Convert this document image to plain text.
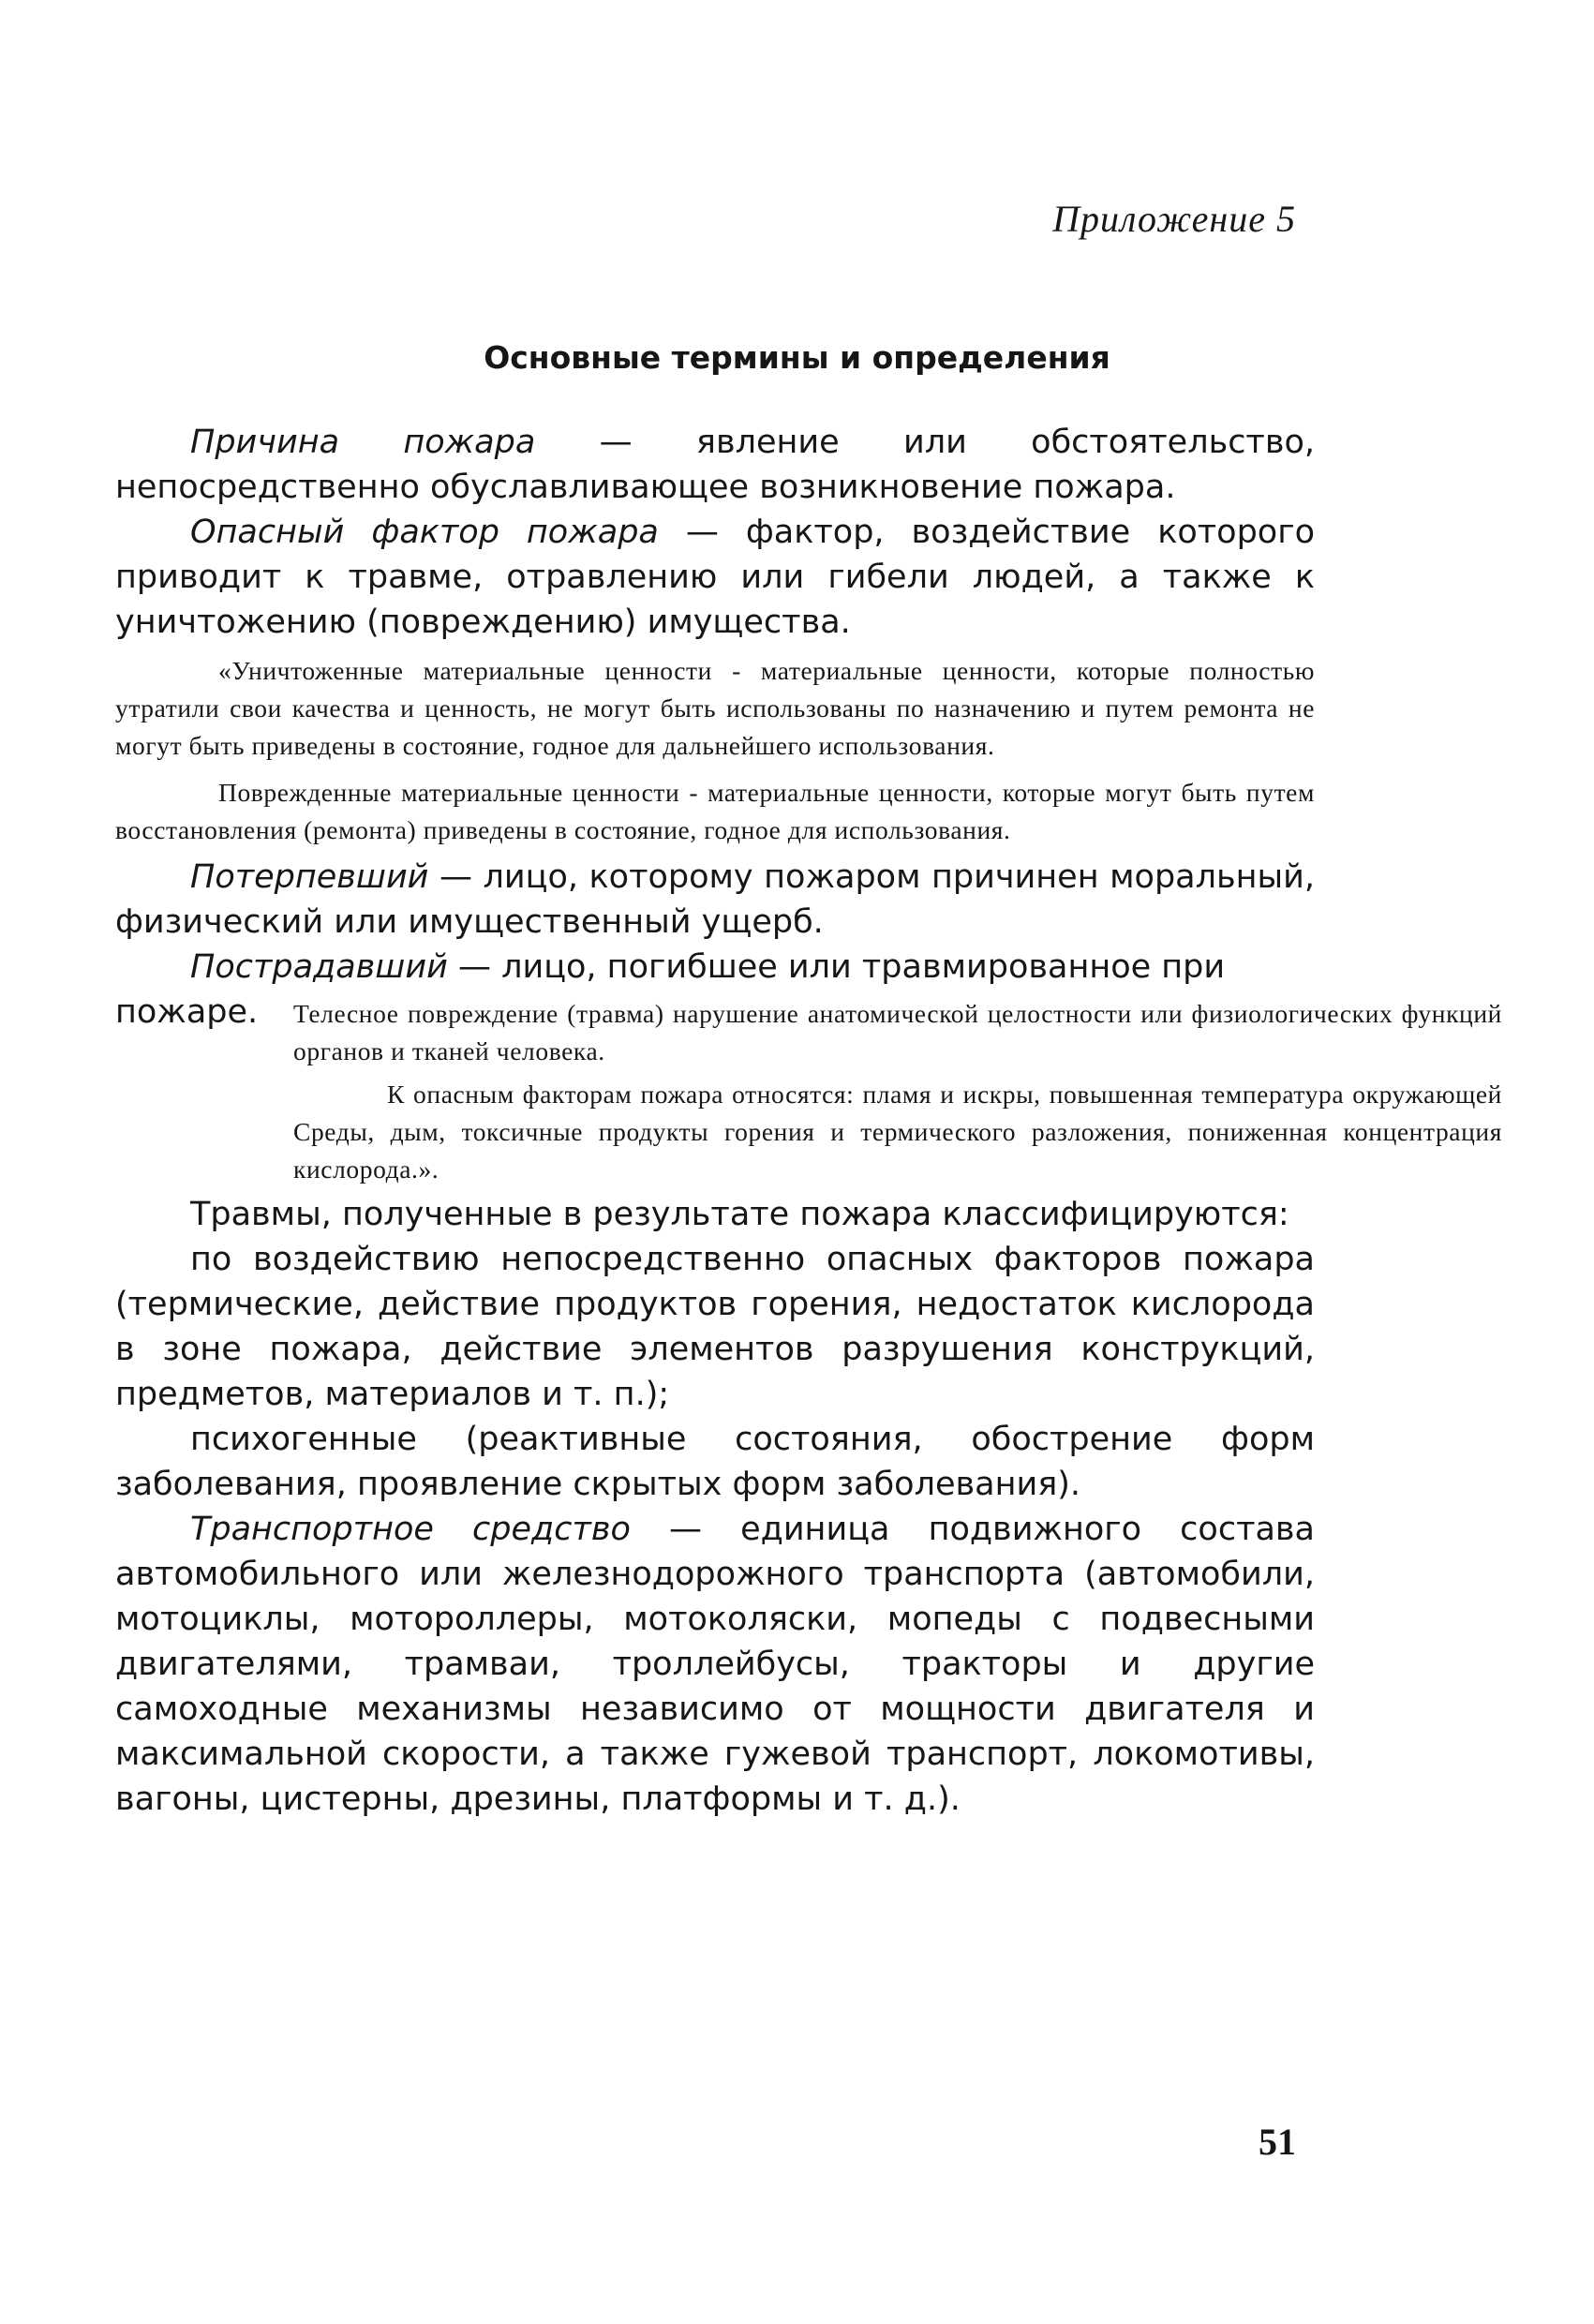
Приложение 5
Основные термины и определения

Причина пожара — явление или обстоятельство, непосредственно обуславливающее возникновение пожара.

Опасный фактор пожара — фактор, воздействие которого приводит к травме, отравлению или гибели людей, а также к уничтожению (повреждению) имущества.

«Уничтоженные материальные ценности - материальные ценности, которые полностью утратили свои качества и ценность, не могут быть использованы по назначению и путем ремонта не могут быть приведены в состояние, годное для дальнейшего использования.

Поврежденные материальные ценности - материальные ценности, которые могут быть путем восстановления (ремонта) приведены в состояние, годное для использования.

Потерпевший — лицо, которому пожаром причинен моральный, физический или имущественный ущерб.

Пострадавший — лицо, погибшее или травмированное при

пожаре.	Телесное повреждение (травма) нарушение анатомической целостности или физиологических функций органов и тканей человека.

К опасным факторам пожара относятся: пламя и искры, повышенная температура окружающей Среды, дым, токсичные продукты горения и термического разложения, пониженная концентрация кислорода.».

Травмы, полученные в результате пожара классифицируются:

по воздействию непосредственно опасных факторов пожара (термические, действие продуктов горения, недостаток кислорода в зоне пожара, действие элементов разрушения конструкций, предметов, материалов и т. п.);

психогенные (реактивные состояния, обострение форм заболевания, проявление скрытых форм заболевания).

Транспортное средство — единица подвижного состава автомобильного или железнодорожного транспорта (автомобили, мотоциклы, мотороллеры, мотоколяски, мопеды с подвесными двигателями, трамваи, троллейбусы, тракторы и другие самоходные механизмы независимо от мощности двигателя и максимальной скорости, а также гужевой транспорт, локомотивы, вагоны, цистерны, дрезины, платформы и т. д.).

51
